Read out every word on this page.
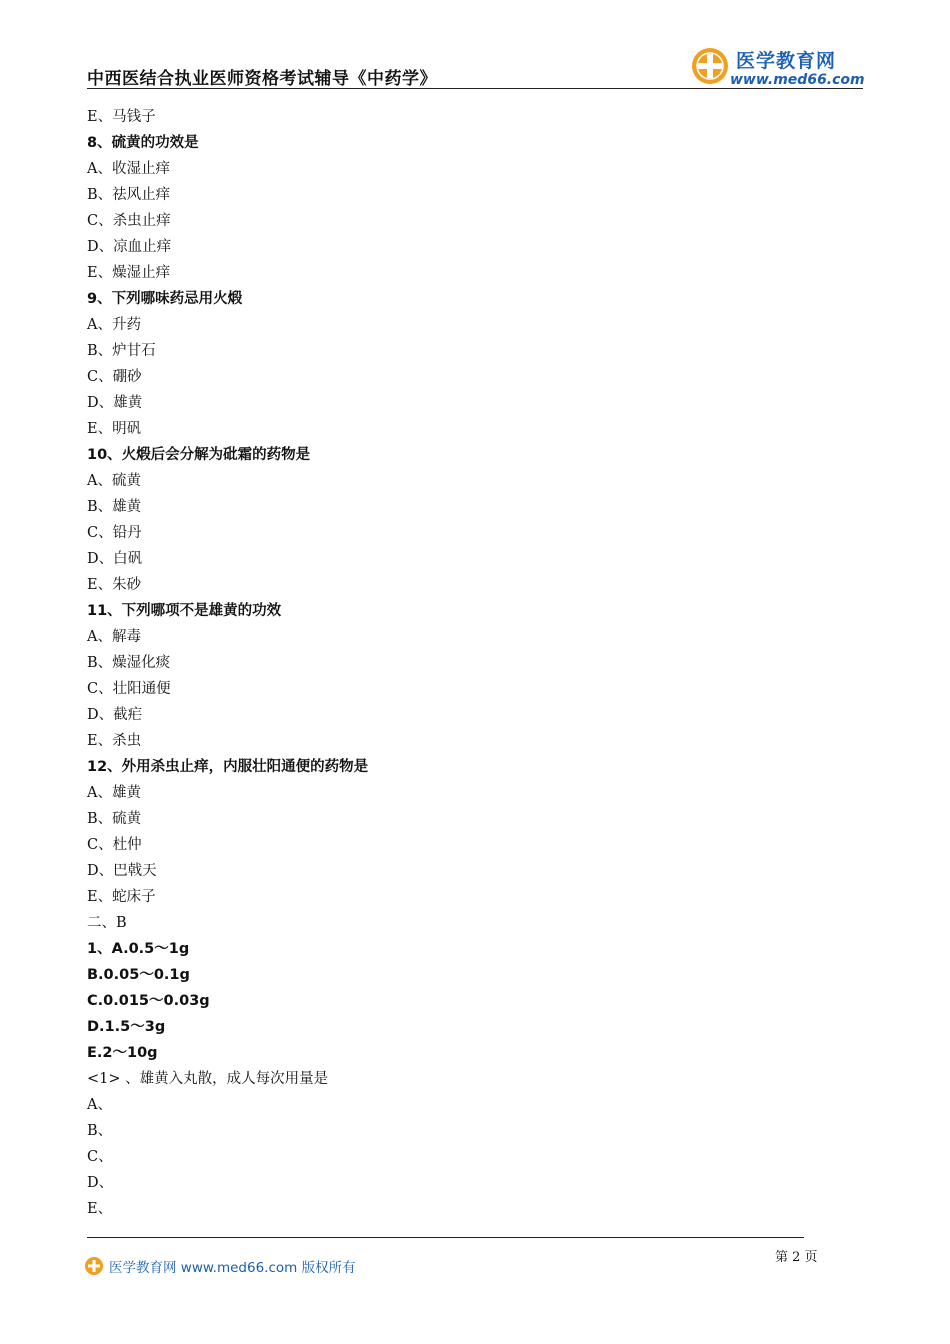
中西医结合执业医师资格考试辅导《中药学》
医学教育网
www.med66.com
E、马钱子
8、硫黄的功效是
A、收湿止痒
B、祛风止痒
C、杀虫止痒
D、凉血止痒
E、燥湿止痒
9、下列哪味药忌用火煅
A、升药
B、炉甘石
C、硼砂
D、雄黄
E、明矾
10、火煅后会分解为砒霜的药物是
A、硫黄
B、雄黄
C、铅丹
D、白矾
E、朱砂
11、下列哪项不是雄黄的功效
A、解毒
B、燥湿化痰
C、壮阳通便
D、截疟
E、杀虫
12、外用杀虫止痒，内服壮阳通便的药物是
A、雄黄
B、硫黄
C、杜仲
D、巴戟天
E、蛇床子
二、B
1、A.0.5～1g
B.0.05～0.1g
C.0.015～0.03g
D.1.5～3g
E.2～10g
<1> 、雄黄入丸散，成人每次用量是
A、
B、
C、
D、
E、
第 2 页
医学教育网 www.med66.com 版权所有
